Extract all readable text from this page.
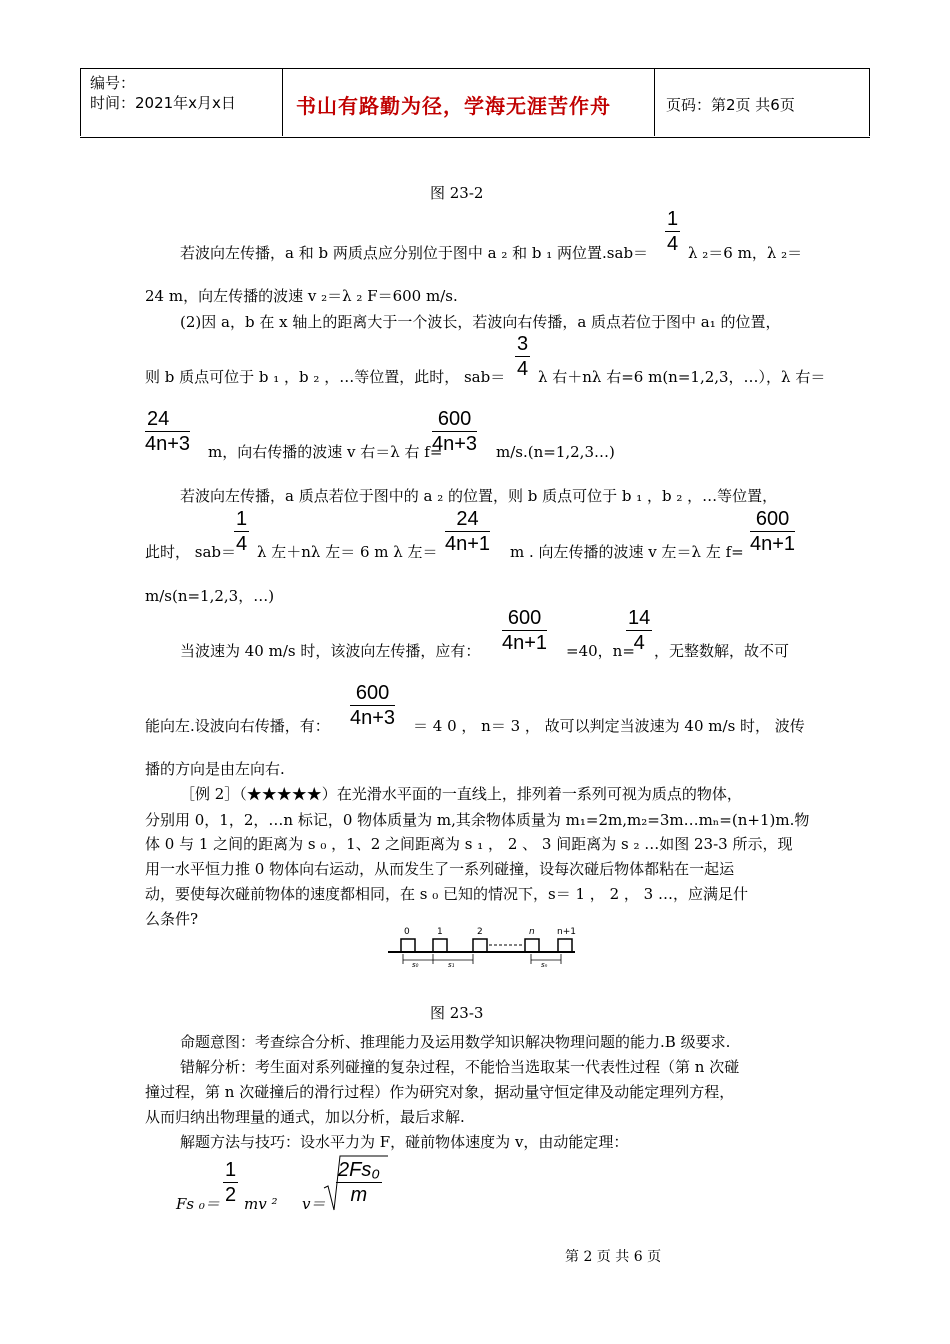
编号：
时间：2021年x月x日	书山有路勤为径，学海无涯苦作舟	页码：第2页 共6页
图 23-2
若波向左传播，a 和 b 两质点应分别位于图中 a ₂ 和 b ₁ 两位置$.sab= \frac{1}{4}$ λ ₂＝6 m，λ ₂＝
24 m，向左传播的波速 v ₂＝λ ₂ F＝600 m/s.
(2)因 a，b 在 x 轴上的距离大于一个波长，若波向右传播，a 质点若位于图中 a₁ 的位置，
则 b 质点可位于 b ₁ ，b ₂ ，…等位置，此时， $sab= \frac{3}{4}$ λ 右＋nλ 右=6 m(n=1,2,3，…），λ 右＝
$\frac{24}{4n+3}$ m，向右传播的波速 v 右＝λ 右 f=
$\frac{600}{4n+3}$ m/s.(n=1,2,3…)
若波向左传播，a 质点若位于图中的 a ₂ 的位置，则 b 质点可位于 b ₁ ，b ₂ ，…等位置，
此时， sab＝
$\frac{1}{4}$ λ 左＋nλ 左＝ 6 m λ 左＝ $\frac{24}{4n+1}$ m . 向左传播的波速 v 左＝λ 左 $f= \frac{600}{4n+1}$
m/s(n=1,2,3，…)
当波速为 40 m/s 时，该波向左传播，应有： $\frac{600}{4n+1} =40$，n=
$\frac{14}{4}$ ，无整数解，故不可
能向左.设波向右传播，有： $\frac{600}{4n+3} = 4$ 0 ， n＝ 3 ， 故可以判定当波速为 40 m/s 时， 波传
播的方向是由左向右.
［例 2］（★★★★★）在光滑水平面的一直线上，排列着一系列可视为质点的物体，
分别用 0，1，2，…n 标记，0 物体质量为 m,其余物体质量为 m₁=2m,m₂=3m…mₙ=(n+1)m.物
体 0 与 1 之间的距离为 s ₀ ，1、2 之间距离为 s ₁ ， 2 、 3 间距离为 s ₂ …如图 23-3 所示，现
用一水平恒力推 0 物体向右运动，从而发生了一系列碰撞，设每次碰后物体都粘在一起运
动，要使每次碰前物体的速度都相同，在 s ₀ 已知的情况下，s＝ 1 ， 2 ， 3 …，应满足什
么条件?
0	1	2	n n+1
s₀	s₁	sₙ
图 23-3
命题意图：考查综合分析、推理能力及运用数学知识解决物理问题的能力.B 级要求.
错解分析：考生面对系列碰撞的复杂过程，不能恰当选取某一代表性过程（第 n 次碰
撞过程，第 n 次碰撞后的滑行过程）作为研究对象，据动量守恒定律及动能定理列方程，
从而归纳出物理量的通式，加以分析，最后求解.
解题方法与技巧：设水平力为 F，碰前物体速度为 v，由动能定理：
Fs $_0= \frac{1}{2}$ mv ² $v= \frac{\text{2Fs₀}}{m}$
第 2 页 共 6 页
